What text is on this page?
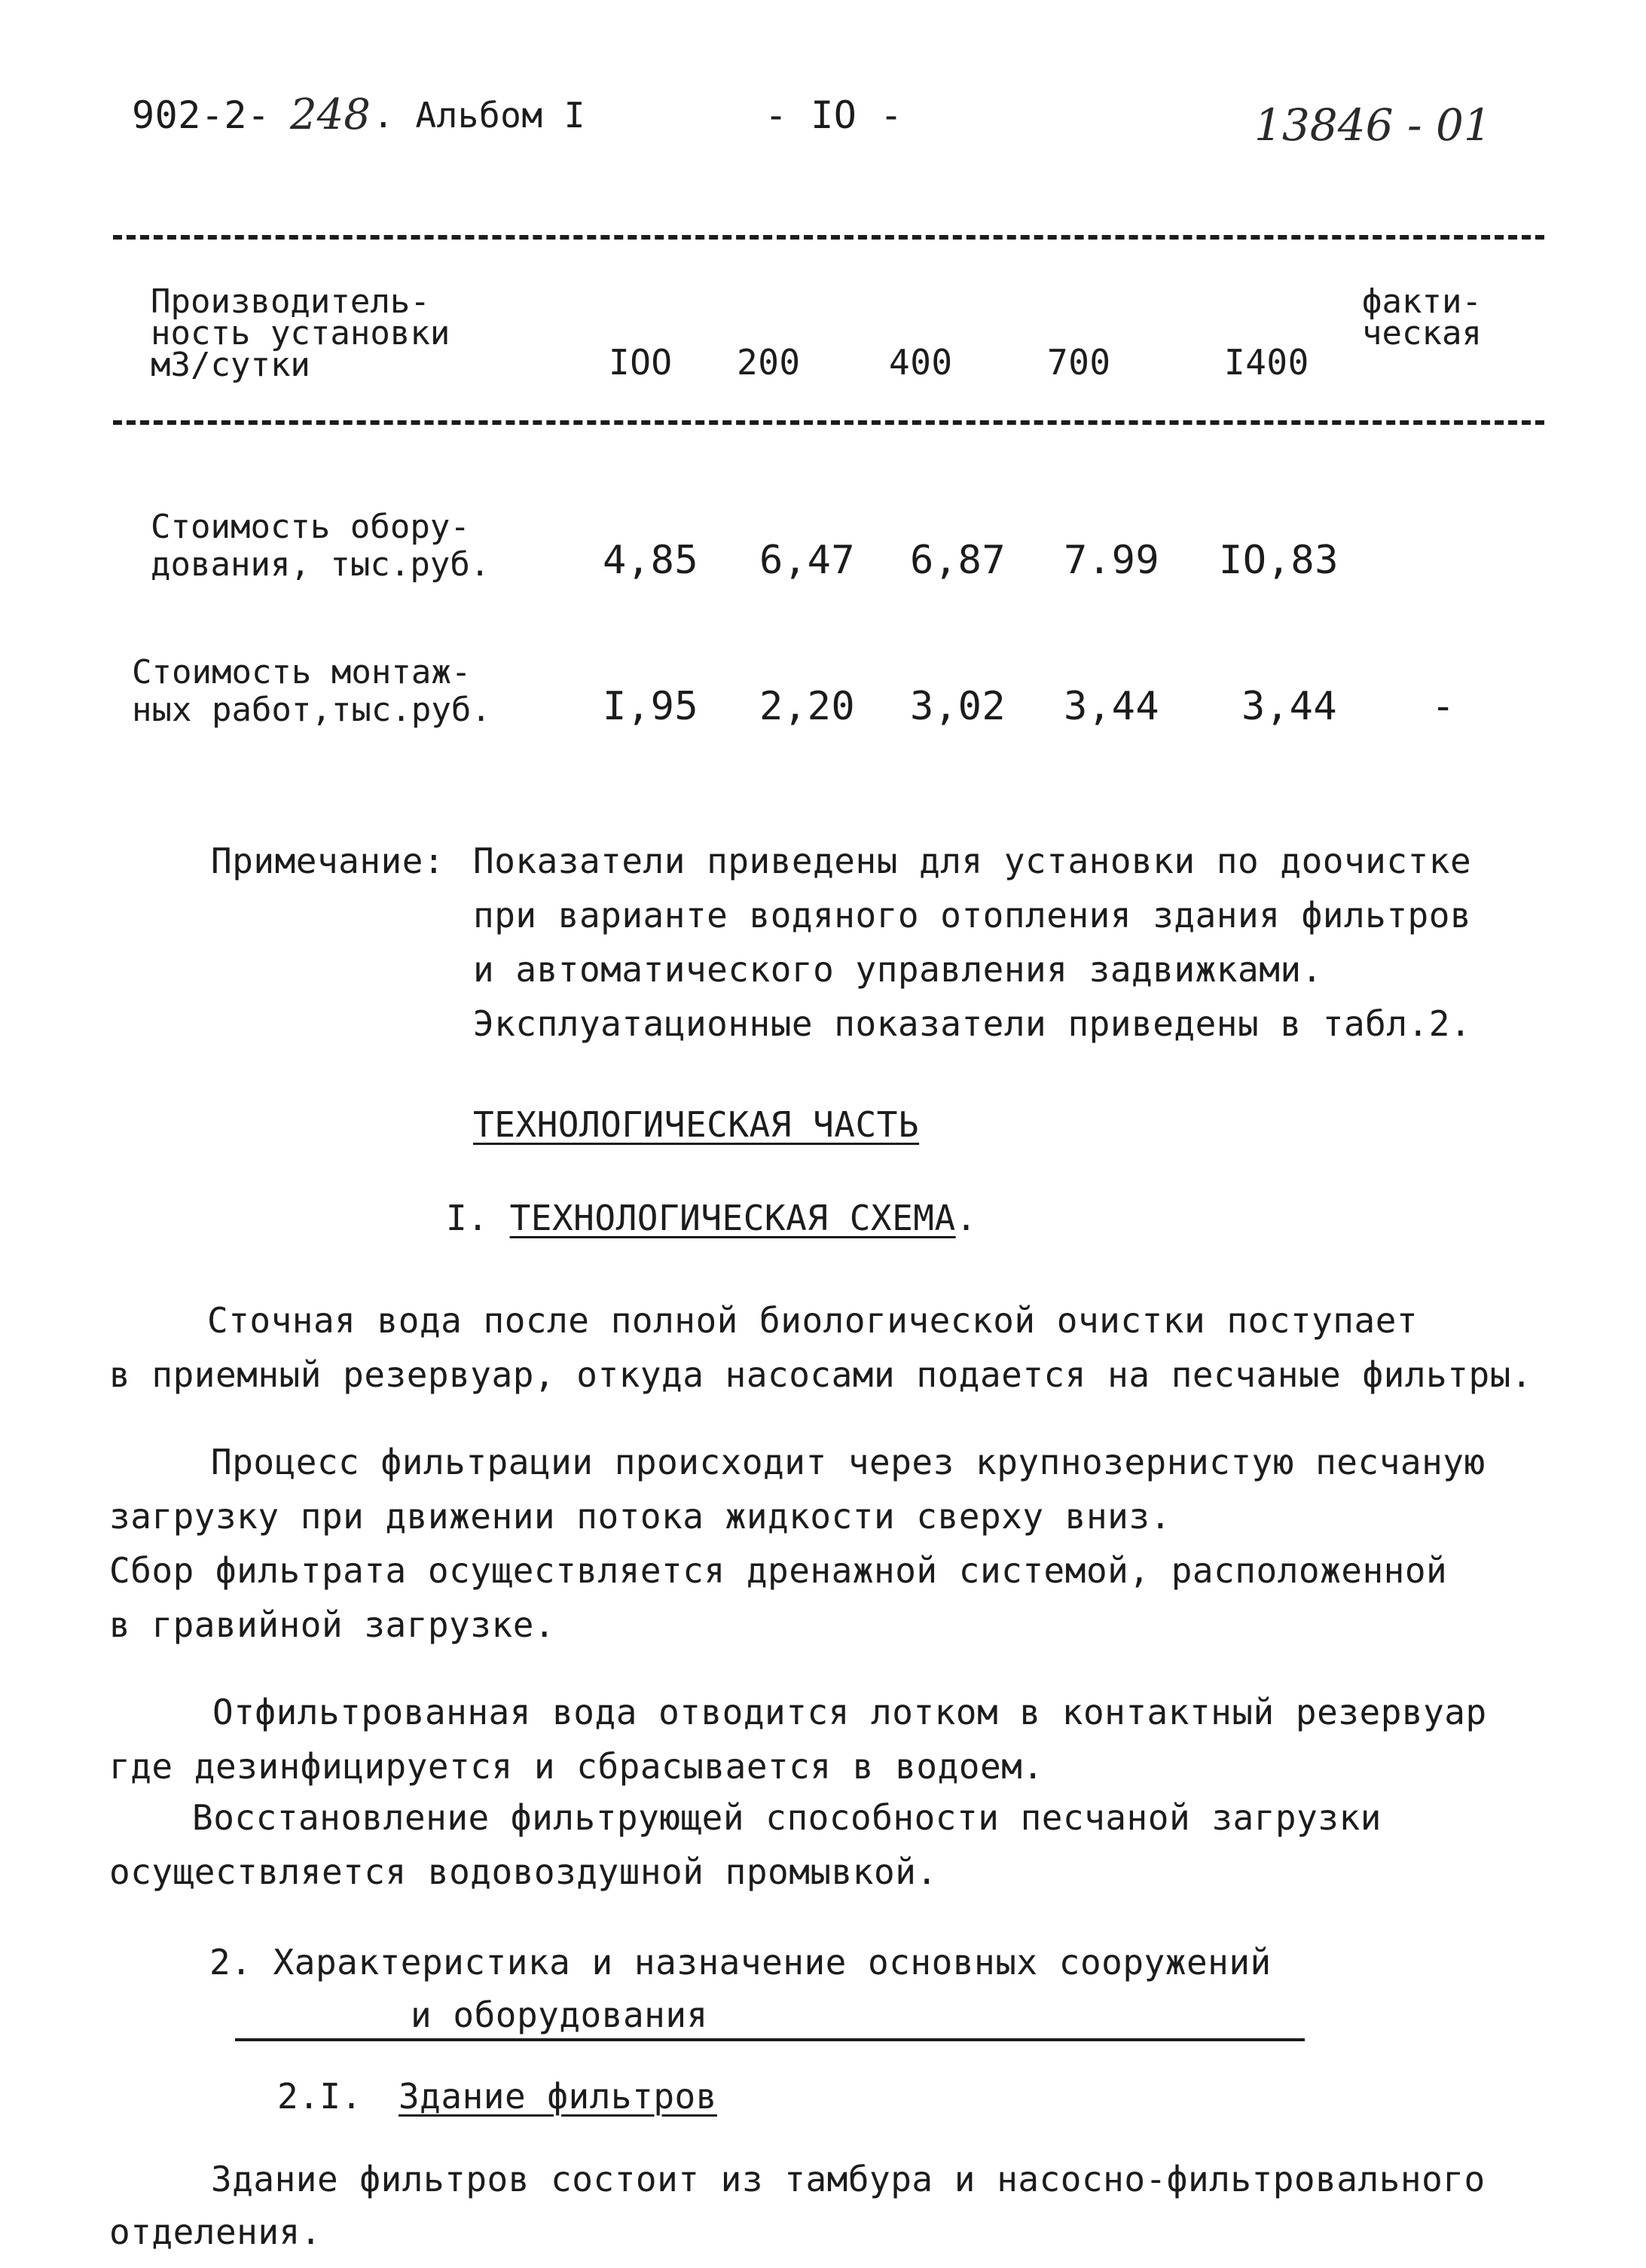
902-2- 248 . Альбом I	- IO -	13846 - 01
Производитель-
ность установки
м3/сутки	IOO 200	400	700	I400
факти-
ческая
Стоимость обору-
дования, тыс.руб.	4,85 6,47 6,87 7.99 IO,83
Стоимость монтаж-
ных работ,тыс.руб.	I,95 2,20 3,02 3,44 3,44 -
Примечание: Показатели приведены для установки по доочистке
при варианте водяного отопления здания фильтров
и автоматического управления задвижками.
Эксплуатационные показатели приведены в табл.2.
ТЕХНОЛОГИЧЕСКАЯ ЧАСТЬ
I. ТЕХНОЛОГИЧЕСКАЯ СХЕМА.
Сточная вода после полной биологической очистки поступает
в приемный резервуар, откуда насосами подается на песчаные фильтры.
Процесс фильтрации происходит через крупнозернистую песчаную
загрузку при движении потока жидкости сверху вниз.
Сбор фильтрата осуществляется дренажной системой, расположенной
в гравийной загрузке.
Отфильтрованная вода отводится лотком в контактный резервуар
где дезинфицируется и сбрасывается в водоем.
Восстановление фильтрующей способности песчаной загрузки
осуществляется водовоздушной промывкой.
2. Характеристика и назначение основных сооружений
и оборудования
2.I. Здание фильтров
Здание фильтров состоит из тамбура и насосно-фильтровального
отделения.
